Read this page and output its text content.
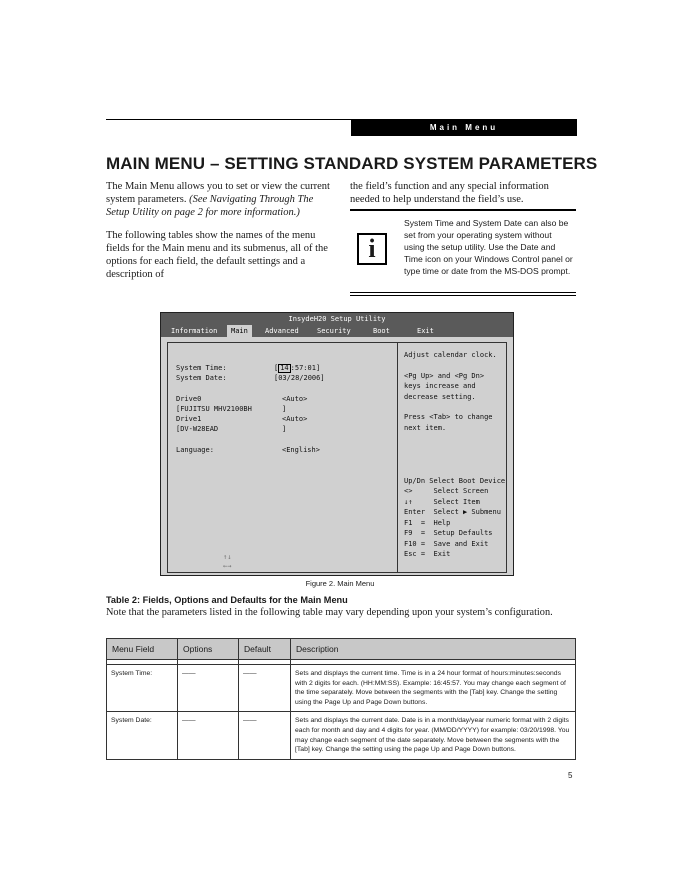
Main Menu
MAIN MENU – SETTING STANDARD SYSTEM PARAMETERS

The Main Menu allows you to set or view the current system parameters. (See Navigating Through The Setup Utility on page 2 for more information.)

The following tables show the names of the menu fields for the Main menu and its submenus, all of the options for each field, the default settings and a description of

the field’s function and any special information needed to help understand the field’s use.

i
System Time and System Date can also be set from your operating system without using the setup utility. Use the Date and Time icon on your Windows Control panel or type time or date from the MS-DOS prompt.
InsydeH20 Setup Utility
Information	Main	Advanced	Security	Boot	Exit
System Time:	[ 14 :57:01]
System Date:	[03/28/2006]
Drive0	<Auto>
[FUJITSU MHV2100BH	]
Drive1	<Auto>
[DV-W28EAD	]
Language:	<English>
↑↓
←→
Adjust calendar clock.
<Pg Up> and <Pg Dn>
keys increase and
decrease setting.
Press <Tab> to change
next item.
Up/Dn Select Boot Device
<>     Select Screen
↓↑     Select Item
Enter  Select ▶ Submenu
F1  =  Help
F9  =  Setup Defaults
F10 =  Save and Exit
Esc =  Exit
Figure 2. Main Menu
Table 2: Fields, Options and Defaults for the Main Menu
Note that the parameters listed in the following table may vary depending upon your system’s configuration.
Menu Field	Options	Default	Description

System Time:	——	——	Sets and displays the current time. Time is in a 24 hour format of hours:minutes:seconds with 2 digits for each. (HH:MM:SS). Example: 16:45:57. You may change each segment of the time separately. Move between the segments with the [Tab] key. Change the setting using the Page Up and Page Down buttons.
System Date:	——	——	Sets and displays the current date. Date is in a month/day/year numeric format with 2 digits each for month and day and 4 digits for year. (MM/DD/YYYY) for example: 03/20/1998. You may change each segment of the date separately. Move between the segments with the [Tab] key. Change the setting using the page Up and Page Down buttons.
5
